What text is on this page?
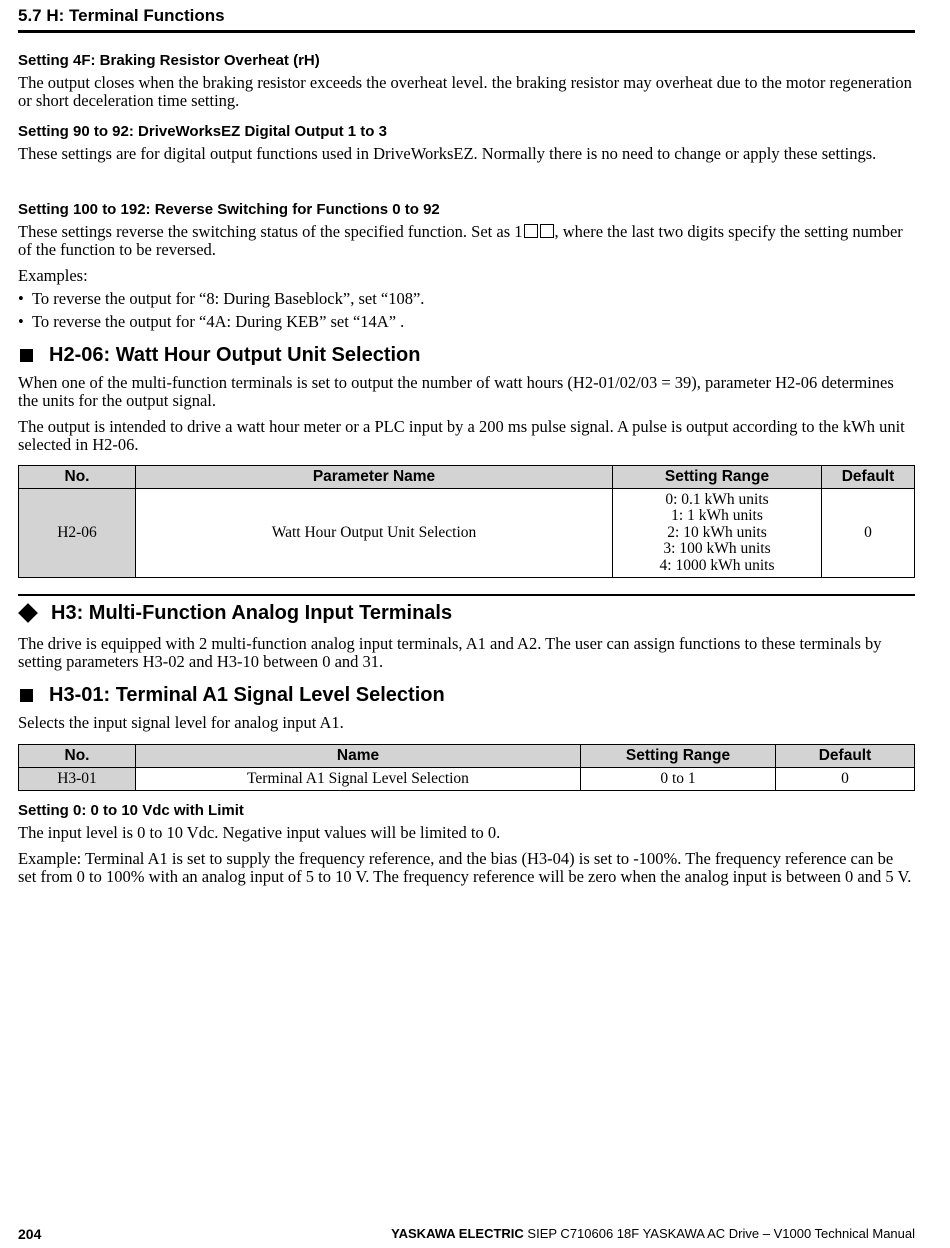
5.7 H: Terminal Functions

Setting 4F: Braking Resistor Overheat (rH)

The output closes when the braking resistor exceeds the overheat level. the braking resistor may overheat due to the motor regeneration or short deceleration time setting.

Setting 90 to 92: DriveWorksEZ Digital Output 1 to 3

These settings are for digital output functions used in DriveWorksEZ. Normally there is no need to change or apply these settings.

Setting 100 to 192: Reverse Switching for Functions 0 to 92

These settings reverse the switching status of the specified function. Set as 1 , where the last two digits specify the setting number of the function to be reversed.

Examples:

• To reverse the output for “8: During Baseblock”, set “108”.
• To reverse the output for “4A: During KEB” set “14A” .
H2-06: Watt Hour Output Unit Selection

When one of the multi-function terminals is set to output the number of watt hours (H2-01/02/03 = 39), parameter H2-06 determines the units for the output signal.

The output is intended to drive a watt hour meter or a PLC input by a 200 ms pulse signal. A pulse is output according to the kWh unit selected in H2-06.

No.	Parameter Name	Setting Range	Default
H2-06	Watt Hour Output Unit Selection	0: 0.1 kWh units
1: 1 kWh units
2: 10 kWh units
3: 100 kWh units
4: 1000 kWh units	0
H3: Multi-Function Analog Input Terminals

The drive is equipped with 2 multi-function analog input terminals, A1 and A2. The user can assign functions to these terminals by setting parameters H3-02 and H3-10 between 0 and 31.

H3-01: Terminal A1 Signal Level Selection

Selects the input signal level for analog input A1.

No.	Name	Setting Range	Default
H3-01	Terminal A1 Signal Level Selection	0 to 1	0

Setting 0: 0 to 10 Vdc with Limit

The input level is 0 to 10 Vdc. Negative input values will be limited to 0.

Example: Terminal A1 is set to supply the frequency reference, and the bias (H3-04) is set to -100%. The frequency reference can be set from 0 to 100% with an analog input of 5 to 10 V. The frequency reference will be zero when the analog input is between 0 and 5 V.

204	YASKAWA ELECTRIC SIEP C710606 18F YASKAWA AC Drive – V1000 Technical Manual
